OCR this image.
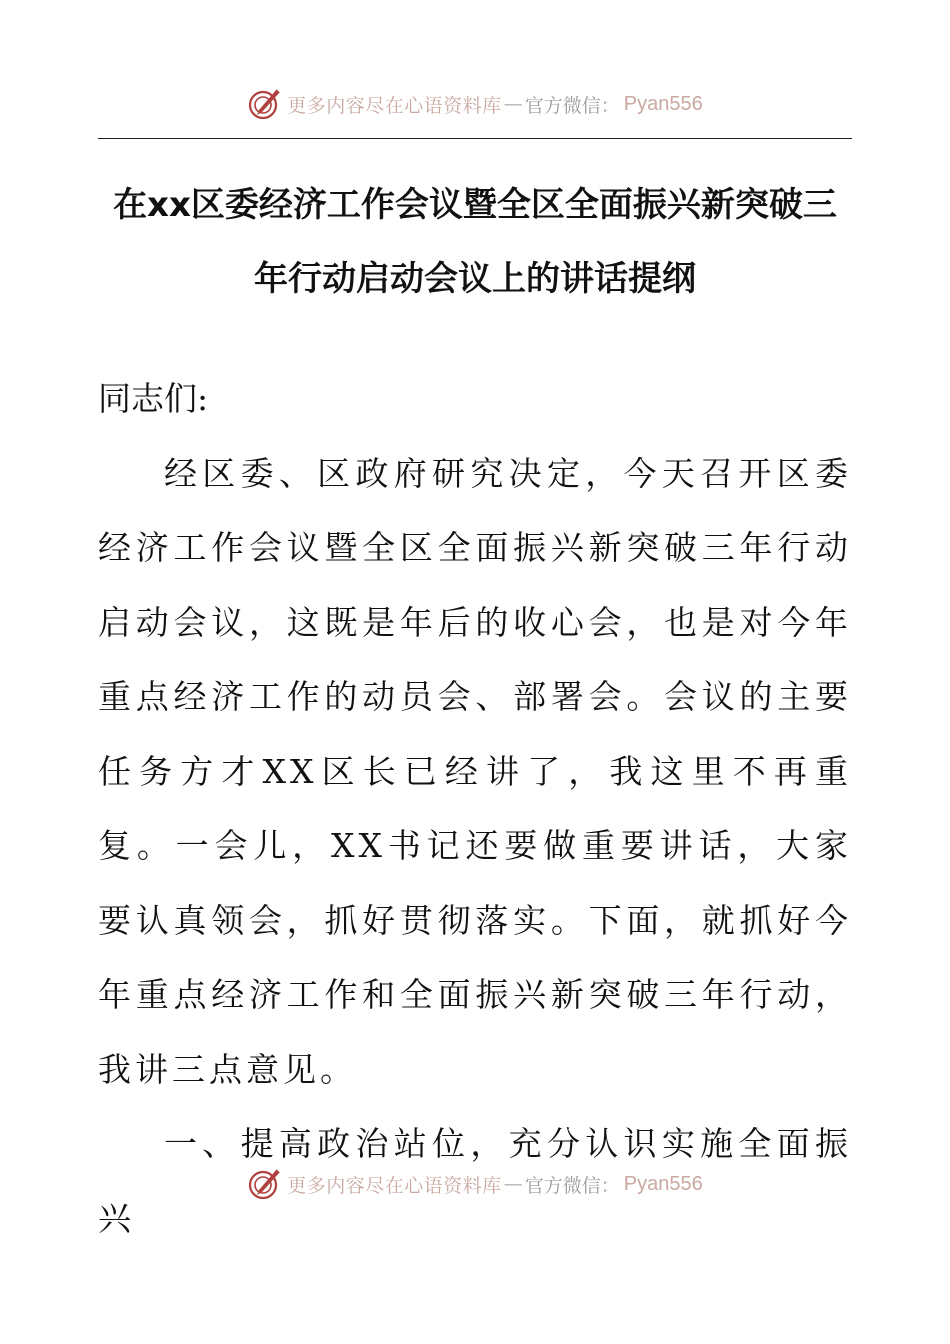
更多内容尽在心语资料库 — 官方微信： Pyan556
在xx区委经济工作会议暨全区全面振兴新突破三年行动启动会议上的讲话提纲

同志们:

经区委、区政府研究决定，今天召开区委经济工作会议暨全区全面振兴新突破三年行动启动会议，这既是年后的收心会，也是对今年重点经济工作的动员会、部署会。会议的主要任务方才XX区长已经讲了，我这里不再重复。一会儿，XX书记还要做重要讲话，大家要认真领会，抓好贯彻落实。下面，就抓好今年重点经济工作和全面振兴新突破三年行动，我讲三点意见。

一、提高政治站位，充分认识实施全面振兴

更多内容尽在心语资料库 — 官方微信： Pyan556
